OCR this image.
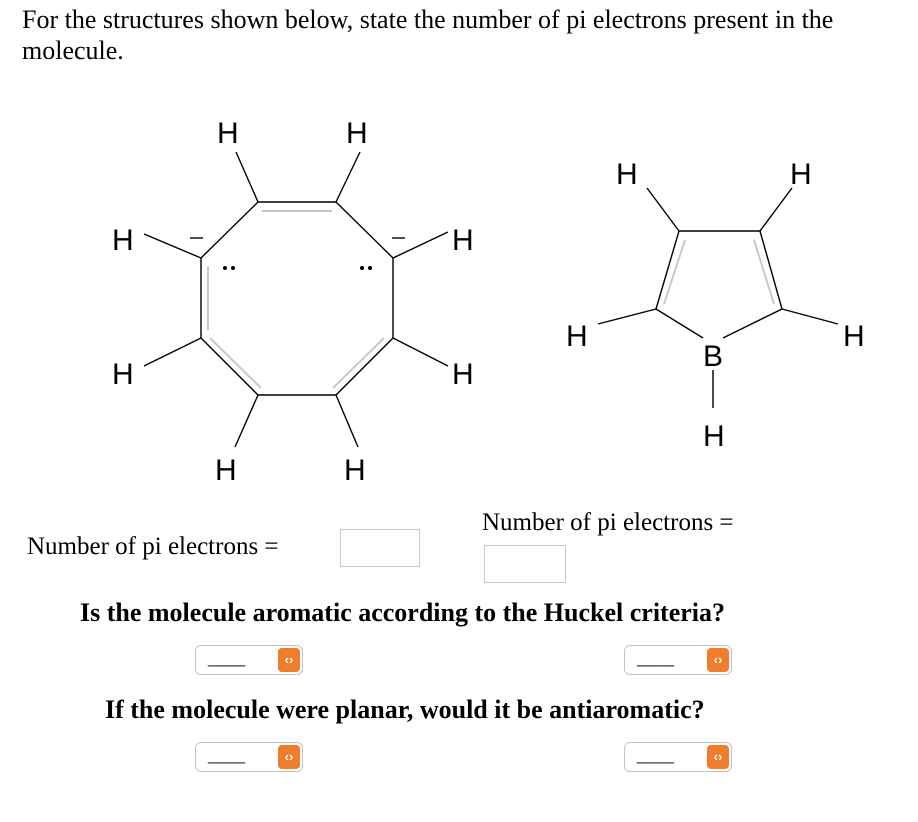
For the structures shown below, state the number of pi electrons present in the molecule.
H	H
H	H
H	H
H	H
H	H
H
B
H
H
Number of pi electrons =
Number of pi electrons =
Is the molecule aromatic according to the Huckel criteria?
____	‹›	____	‹›
If the molecule were planar, would it be antiaromatic?
____	‹›	____	‹›
